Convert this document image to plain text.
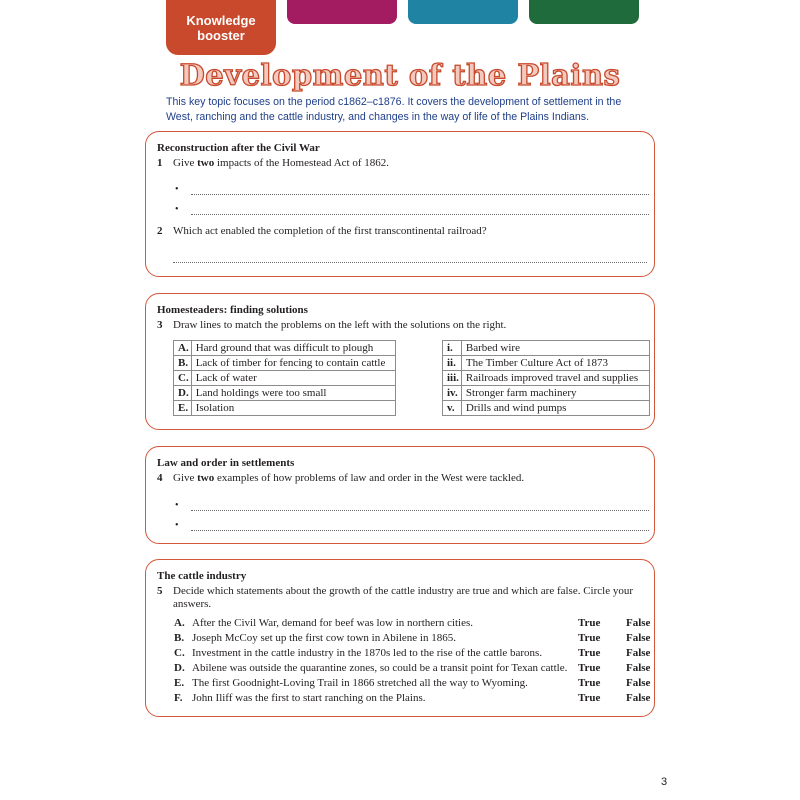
Knowledge
booster
Development of the Plains
This key topic focuses on the period c1862–c1876. It covers the development of settlement in the West, ranching and the cattle industry, and changes in the way of life of the Plains Indians.
Reconstruction after the Civil War
1 Give two impacts of the Homestead Act of 1862.
•
•
2 Which act enabled the completion of the first transcontinental railroad?
Homesteaders: finding solutions
3 Draw lines to match the problems on the left with the solutions on the right.
A.	Hard ground that was difficult to plough
B.	Lack of timber for fencing to contain cattle
C.	Lack of water
D.	Land holdings were too small
E.	Isolation
i.	Barbed wire
ii.	The Timber Culture Act of 1873
iii.	Railroads improved travel and supplies
iv.	Stronger farm machinery
v.	Drills and wind pumps
Law and order in settlements
4 Give two examples of how problems of law and order in the West were tackled.
•
•
The cattle industry
5 Decide which statements about the growth of the cattle industry are true and which are false. Circle your answers.
A. After the Civil War, demand for beef was low in northern cities.	True False
B. Joseph McCoy set up the first cow town in Abilene in 1865.	True False
C. Investment in the cattle industry in the 1870s led to the rise of the cattle barons.	True False
D. Abilene was outside the quarantine zones, so could be a transit point for Texan cattle. True False
E. The first Goodnight-Loving Trail in 1866 stretched all the way to Wyoming.	True False
F. John Iliff was the first to start ranching on the Plains.	True False
3
